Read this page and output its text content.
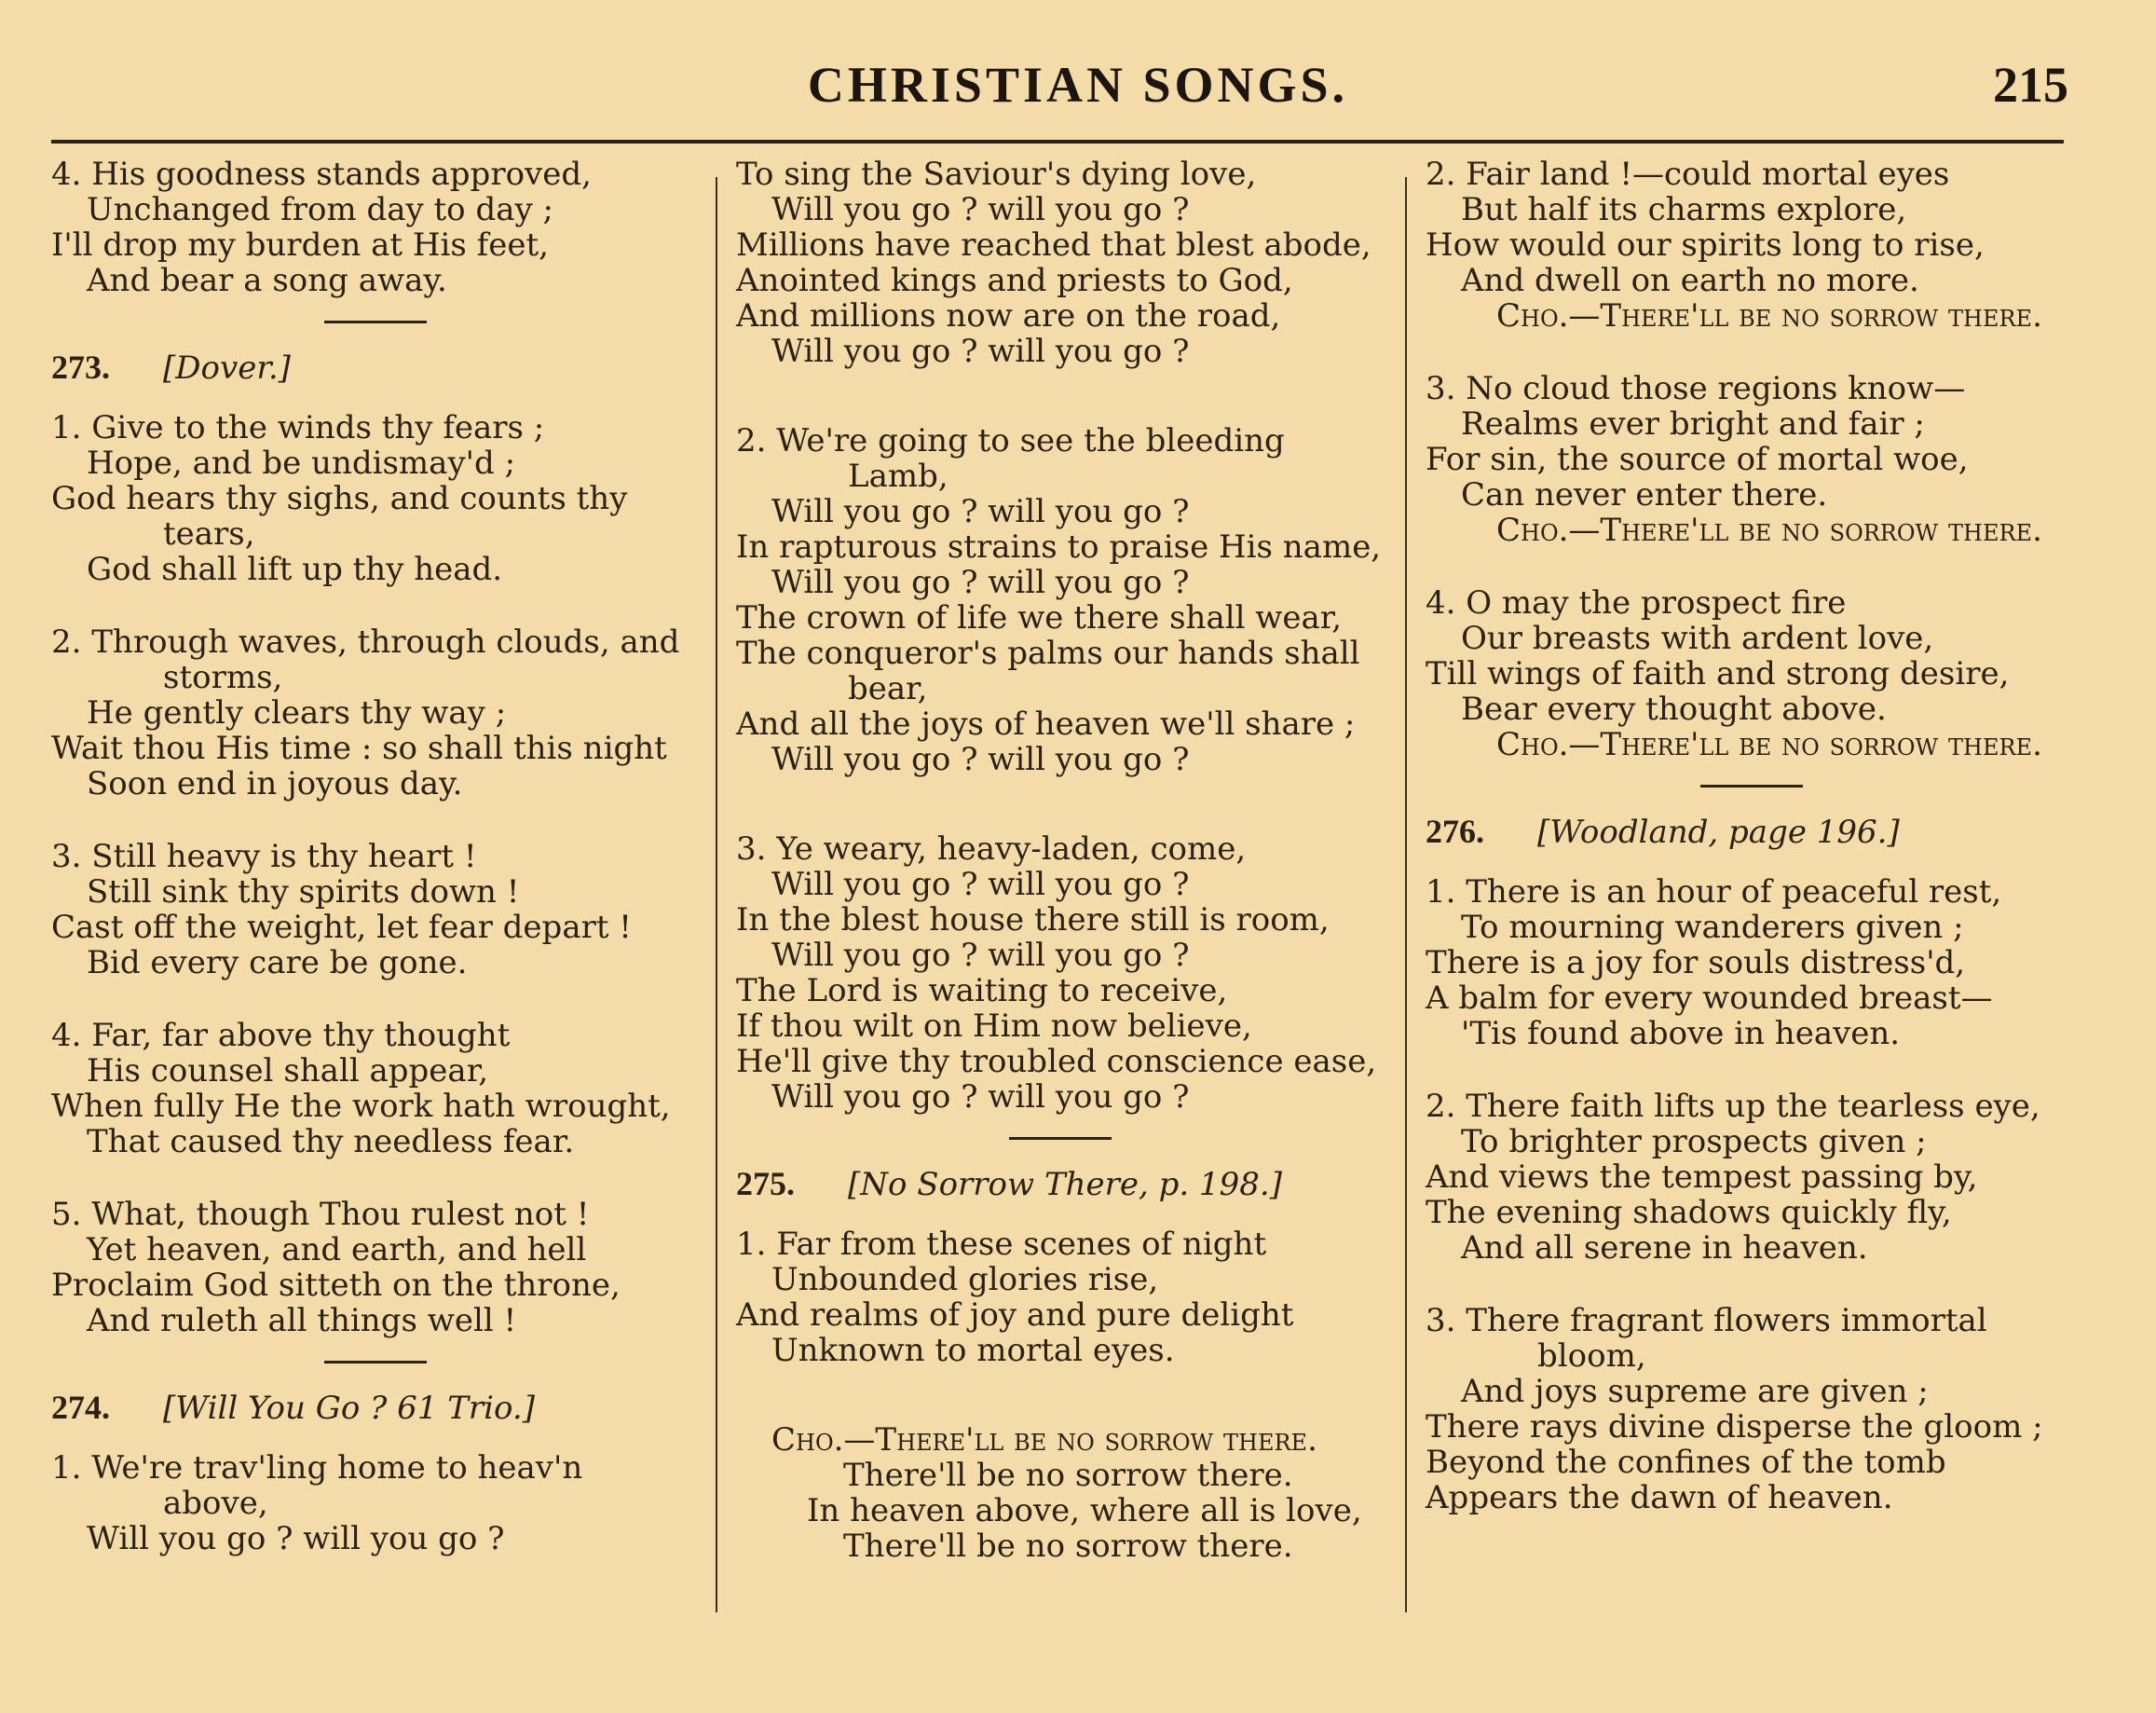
CHRISTIAN SONGS.	215
4. His goodness stands approved,
Unchanged from day to day ;
I'll drop my burden at His feet,
And bear a song away.
273.	[Dover.]
1. Give to the winds thy fears ;
Hope, and be undismay'd ;
God hears thy sighs, and counts thy
tears,
God shall lift up thy head.
2. Through waves, through clouds, and
storms,
He gently clears thy way ;
Wait thou His time : so shall this night
Soon end in joyous day.
3. Still heavy is thy heart !
Still sink thy spirits down !
Cast off the weight, let fear depart !
Bid every care be gone.
4. Far, far above thy thought
His counsel shall appear,
When fully He the work hath wrought,
That caused thy needless fear.
5. What, though Thou rulest not !
Yet heaven, and earth, and hell
Proclaim God sitteth on the throne,
And ruleth all things well !
274.	[Will You Go ? 61 Trio.]
1. We're trav'ling home to heav'n
above,
Will you go ? will you go ?
To sing the Saviour's dying love,
Will you go ? will you go ?
Millions have reached that blest abode,
Anointed kings and priests to God,
And millions now are on the road,
Will you go ? will you go ?
2. We're going to see the bleeding
Lamb,
Will you go ? will you go ?
In rapturous strains to praise His name,
Will you go ? will you go ?
The crown of life we there shall wear,
The conqueror's palms our hands shall
bear,
And all the joys of heaven we'll share ;
Will you go ? will you go ?
3. Ye weary, heavy-laden, come,
Will you go ? will you go ?
In the blest house there still is room,
Will you go ? will you go ?
The Lord is waiting to receive,
If thou wilt on Him now believe,
He'll give thy troubled conscience ease,
Will you go ? will you go ?
275.	[No Sorrow There, p. 198.]
1. Far from these scenes of night
Unbounded glories rise,
And realms of joy and pure delight
Unknown to mortal eyes.
Cho.—There'll be no sorrow there.
There'll be no sorrow there.
In heaven above, where all is love,
There'll be no sorrow there.
2. Fair land !—could mortal eyes
But half its charms explore,
How would our spirits long to rise,
And dwell on earth no more.
Cho.—There'll be no sorrow there.
3. No cloud those regions know—
Realms ever bright and fair ;
For sin, the source of mortal woe,
Can never enter there.
Cho.—There'll be no sorrow there.
4. O may the prospect fire
Our breasts with ardent love,
Till wings of faith and strong desire,
Bear every thought above.
Cho.—There'll be no sorrow there.
276.	[Woodland, page 196.]
1. There is an hour of peaceful rest,
To mourning wanderers given ;
There is a joy for souls distress'd,
A balm for every wounded breast—
'Tis found above in heaven.
2. There faith lifts up the tearless eye,
To brighter prospects given ;
And views the tempest passing by,
The evening shadows quickly fly,
And all serene in heaven.
3. There fragrant flowers immortal
bloom,
And joys supreme are given ;
There rays divine disperse the gloom ;
Beyond the confines of the tomb
Appears the dawn of heaven.
